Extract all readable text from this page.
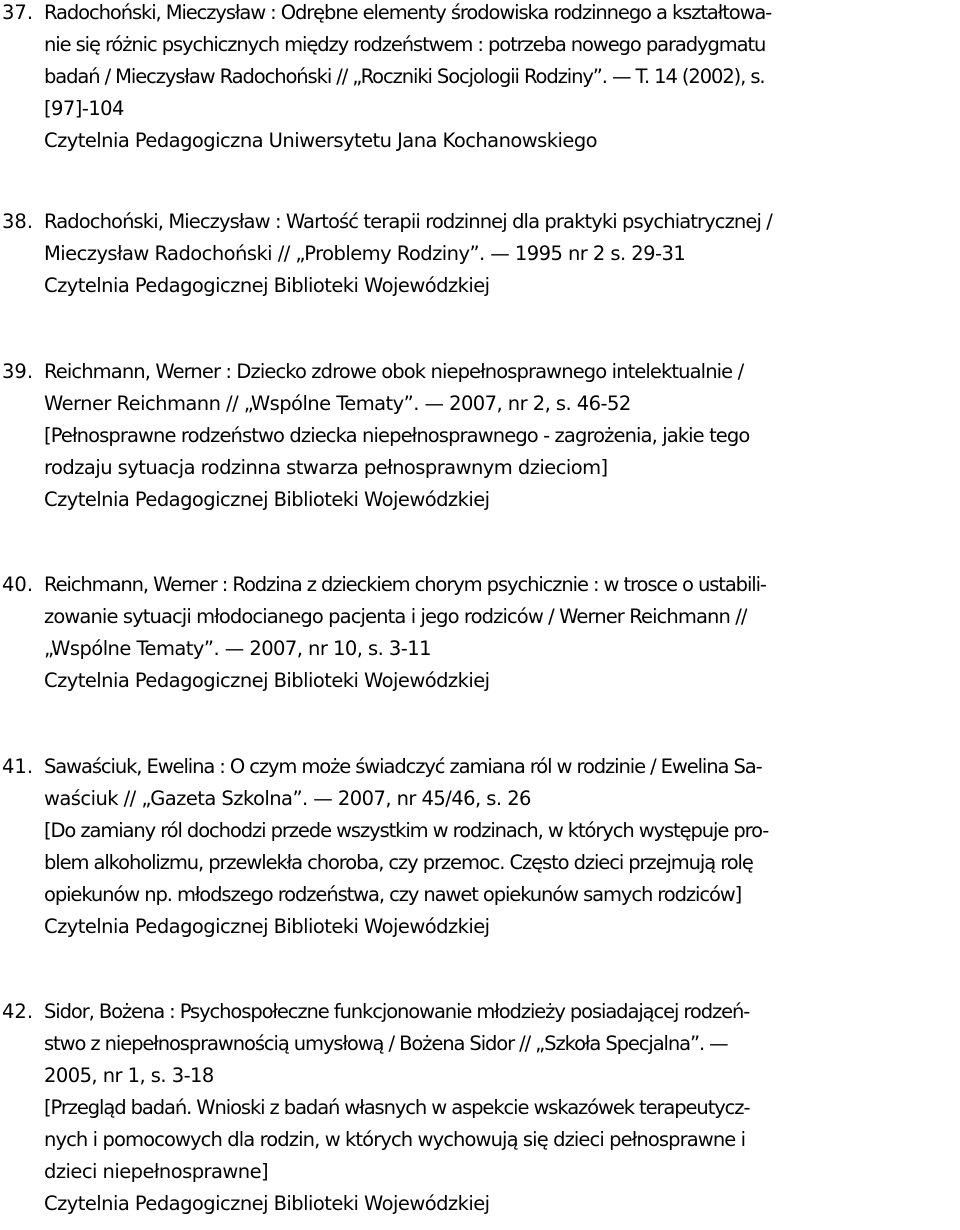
37. Radochoński, Mieczysław : Odrębne elementy środowiska rodzinnego a kształtowa-
nie się różnic psychicznych między rodzeństwem : potrzeba nowego paradygmatu
badań / Mieczysław Radochoński // „Roczniki Socjologii Rodziny”. — T. 14 (2002), s.
[97]-104
Czytelnia Pedagogiczna Uniwersytetu Jana Kochanowskiego
38. Radochoński, Mieczysław : Wartość terapii rodzinnej dla praktyki psychiatrycznej /
Mieczysław Radochoński // „Problemy Rodziny”. — 1995 nr 2 s. 29-31
Czytelnia Pedagogicznej Biblioteki Wojewódzkiej
39. Reichmann, Werner : Dziecko zdrowe obok niepełnosprawnego intelektualnie /
Werner Reichmann // „Wspólne Tematy”. — 2007, nr 2, s. 46-52
[Pełnosprawne rodzeństwo dziecka niepełnosprawnego - zagrożenia, jakie tego
rodzaju sytuacja rodzinna stwarza pełnosprawnym dzieciom]
Czytelnia Pedagogicznej Biblioteki Wojewódzkiej
40. Reichmann, Werner : Rodzina z dzieckiem chorym psychicznie : w trosce o ustabili-
zowanie sytuacji młodocianego pacjenta i jego rodziców / Werner Reichmann //
„Wspólne Tematy”. — 2007, nr 10, s. 3-11
Czytelnia Pedagogicznej Biblioteki Wojewódzkiej
41. Sawaściuk, Ewelina : O czym może świadczyć zamiana ról w rodzinie / Ewelina Sa-
waściuk // „Gazeta Szkolna”. — 2007, nr 45/46, s. 26
[Do zamiany ról dochodzi przede wszystkim w rodzinach, w których występuje pro-
blem alkoholizmu, przewlekła choroba, czy przemoc. Często dzieci przejmują rolę
opiekunów np. młodszego rodzeństwa, czy nawet opiekunów samych rodziców]
Czytelnia Pedagogicznej Biblioteki Wojewódzkiej
42. Sidor, Bożena : Psychospołeczne funkcjonowanie młodzieży posiadającej rodzeń-
stwo z niepełnosprawnością umysłową / Bożena Sidor // „Szkoła Specjalna”. —
2005, nr 1, s. 3-18
[Przegląd badań. Wnioski z badań własnych w aspekcie wskazówek terapeutycz-
nych i pomocowych dla rodzin, w których wychowują się dzieci pełnosprawne i
dzieci niepełnosprawne]
Czytelnia Pedagogicznej Biblioteki Wojewódzkiej
